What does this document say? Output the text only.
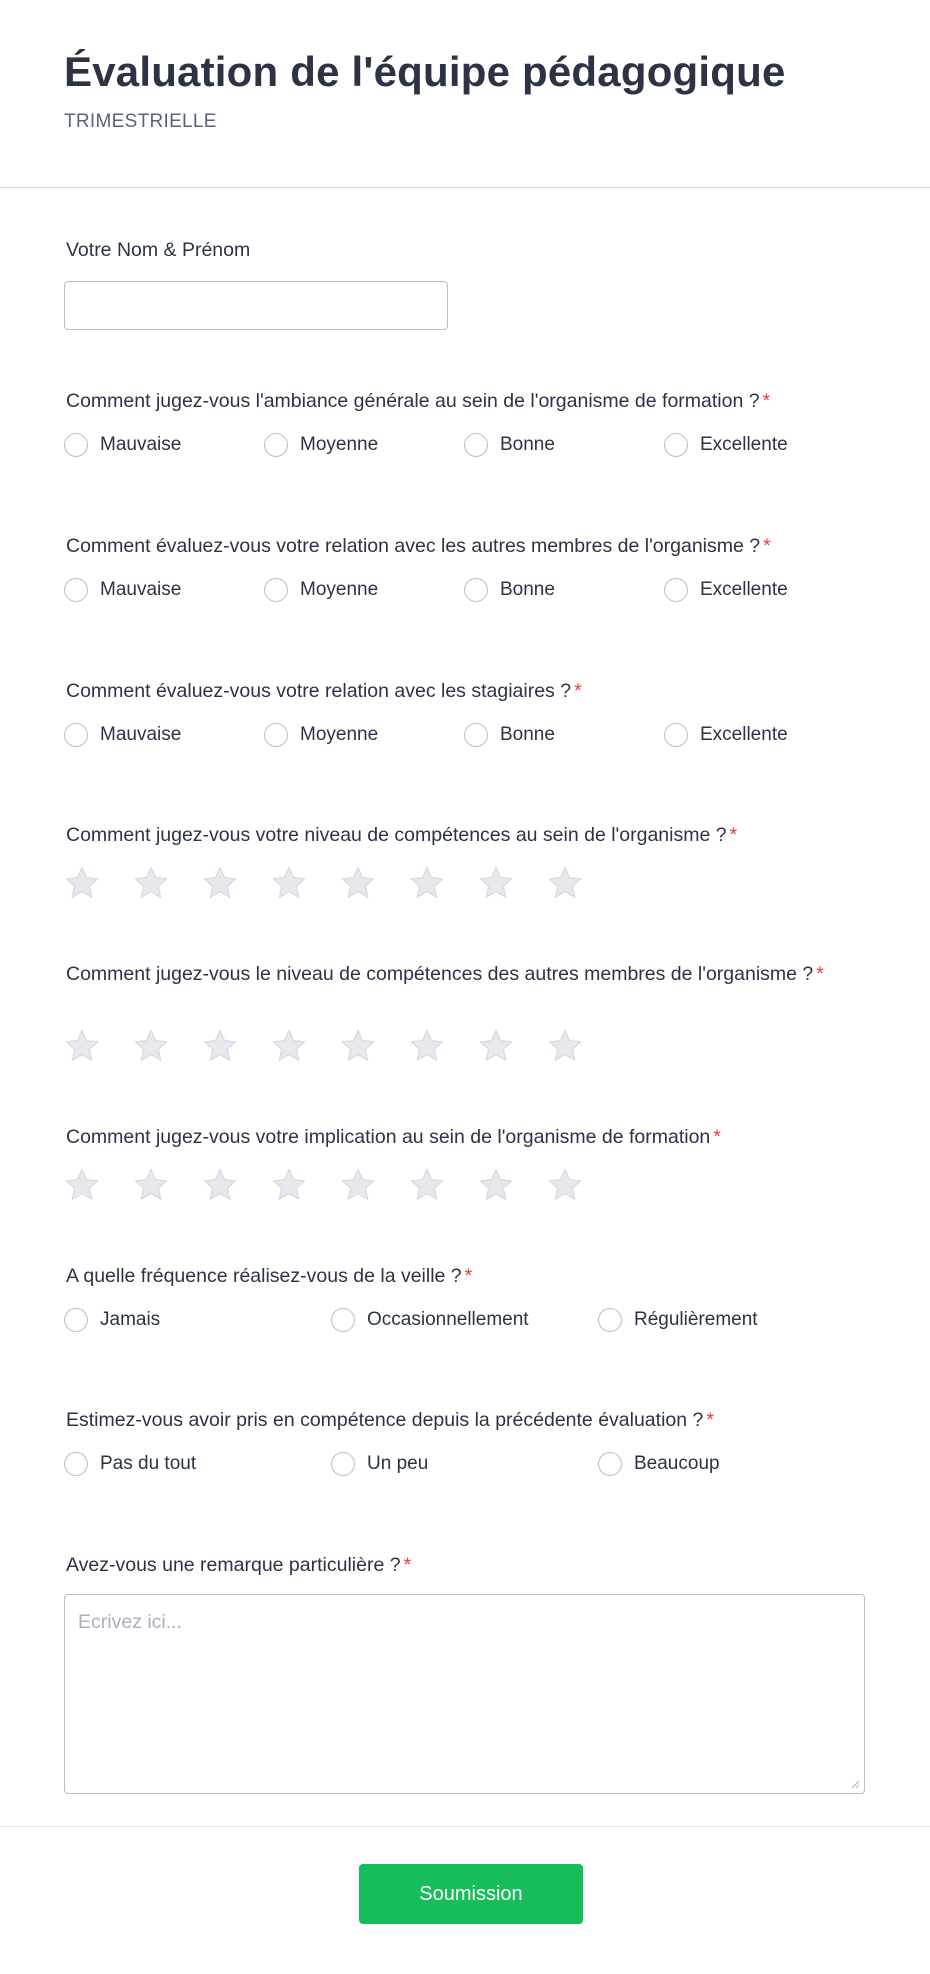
Évaluation de l'équipe pédagogique
TRIMESTRIELLE
Votre Nom & Prénom
Comment jugez-vous l'ambiance générale au sein de l'organisme de formation ? *
Mauvaise	Moyenne	Bonne	Excellente
Comment évaluez-vous votre relation avec les autres membres de l'organisme ? *
Mauvaise	Moyenne	Bonne	Excellente
Comment évaluez-vous votre relation avec les stagiaires ? *
Mauvaise	Moyenne	Bonne	Excellente
Comment jugez-vous votre niveau de compétences au sein de l'organisme ? *
Comment jugez-vous le niveau de compétences des autres membres de l'organisme ? *
Comment jugez-vous votre implication au sein de l'organisme de formation *
A quelle fréquence réalisez-vous de la veille ? *
Jamais	Occasionnellement	Régulièrement
Estimez-vous avoir pris en compétence depuis la précédente évaluation ? *
Pas du tout	Un peu	Beaucoup
Avez-vous une remarque particulière ? *
Ecrivez ici...
Soumission
